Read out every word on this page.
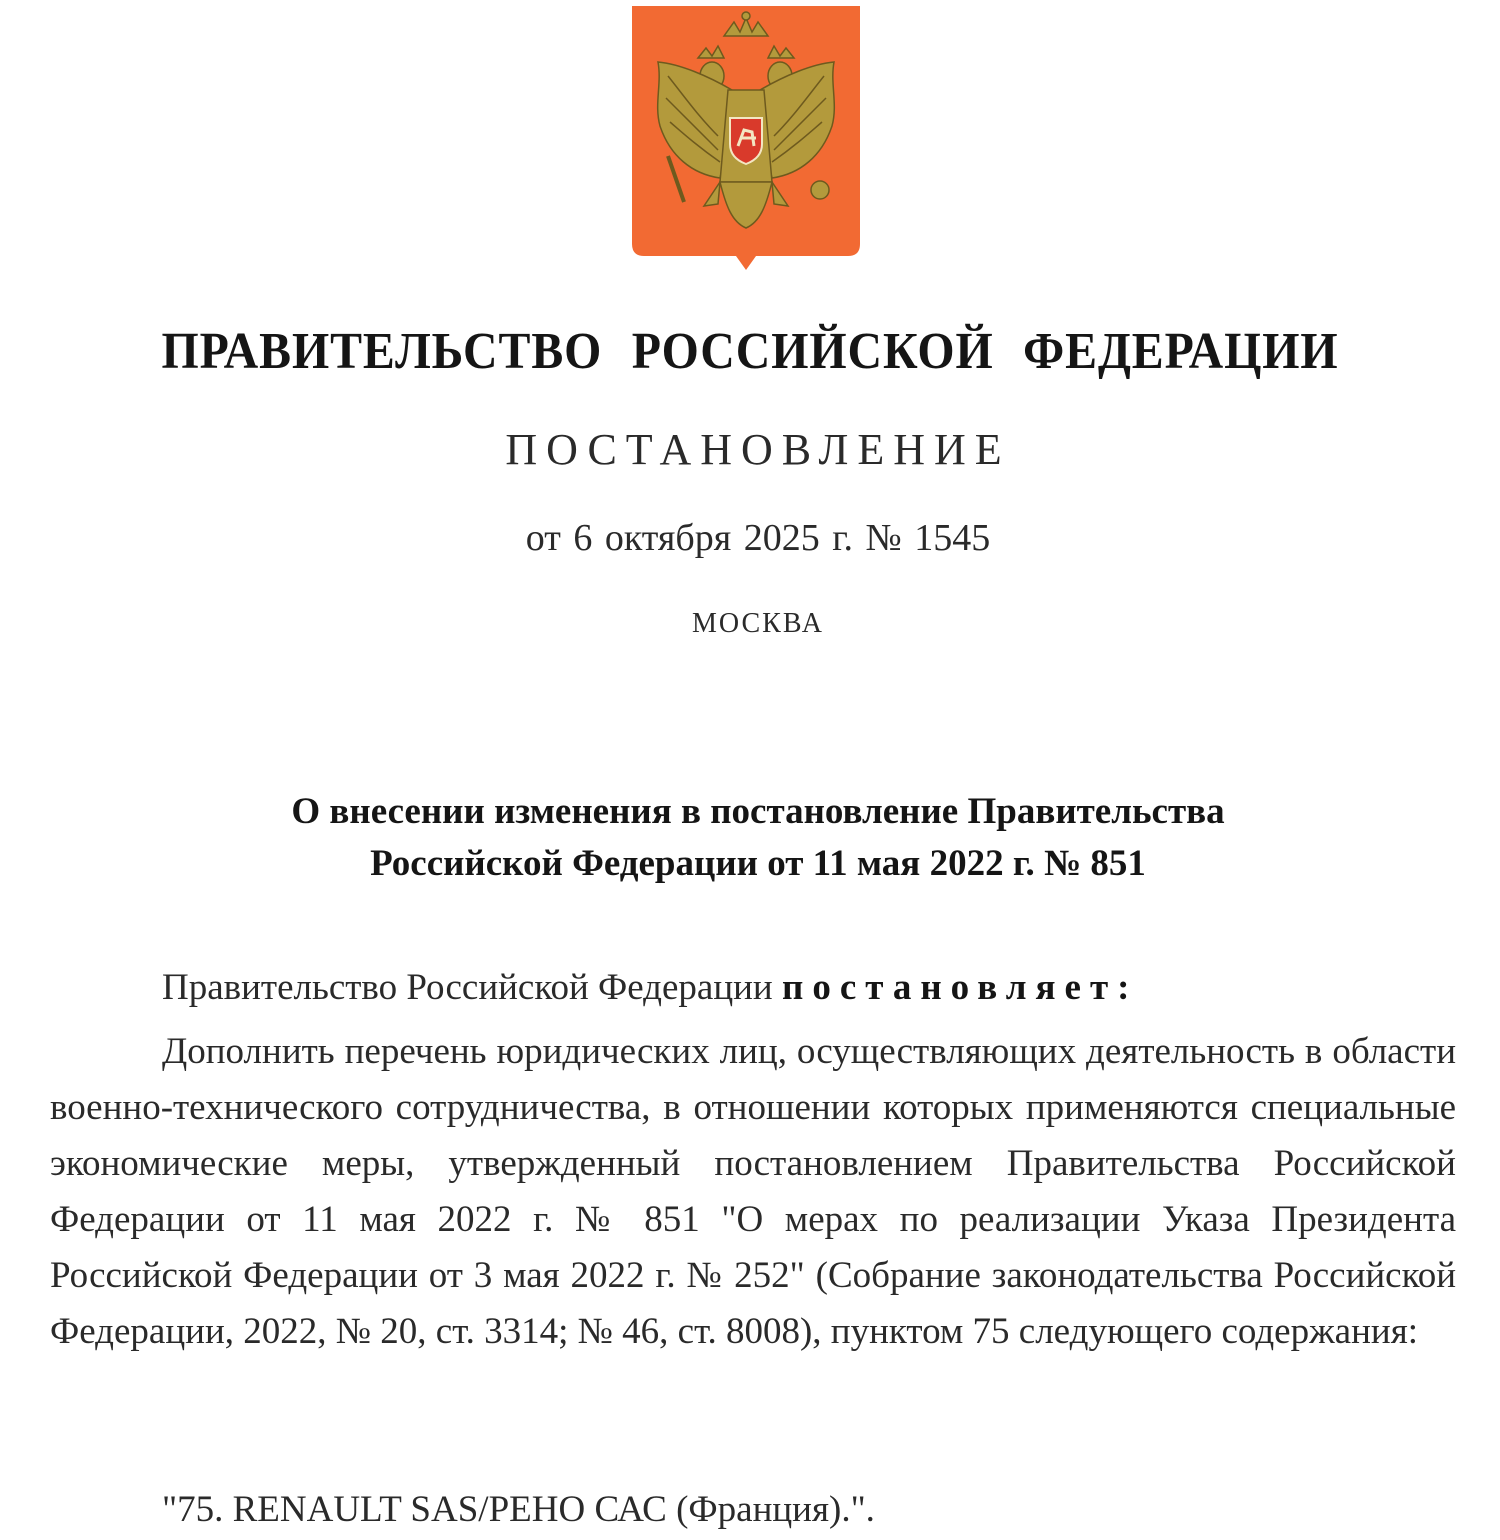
ПРАВИТЕЛЬСТВО РОССИЙСКОЙ ФЕДЕРАЦИИ
ПОСТАНОВЛЕНИЕ
от 6 октября 2025 г. № 1545
МОСКВА
О внесении изменения в постановление Правительства
Российской Федерации от 11 мая 2022 г. № 851
Правительство Российской Федерации постановляет:
Дополнить перечень юридических лиц, осуществляющих деятельность в области военно-технического сотрудничества, в отношении которых применяются специальные экономические меры, утвержденный постановлением Правительства Российской Федерации от 11 мая 2022 г. № 851 "О мерах по реализации Указа Президента Российской Федерации от 3 мая 2022 г. № 252" (Собрание законодательства Российской Федерации, 2022, № 20, ст. 3314; № 46, ст. 8008), пунктом 75 следующего содержания:
"75. RENAULT SAS/РЕНО САС (Франция).".
